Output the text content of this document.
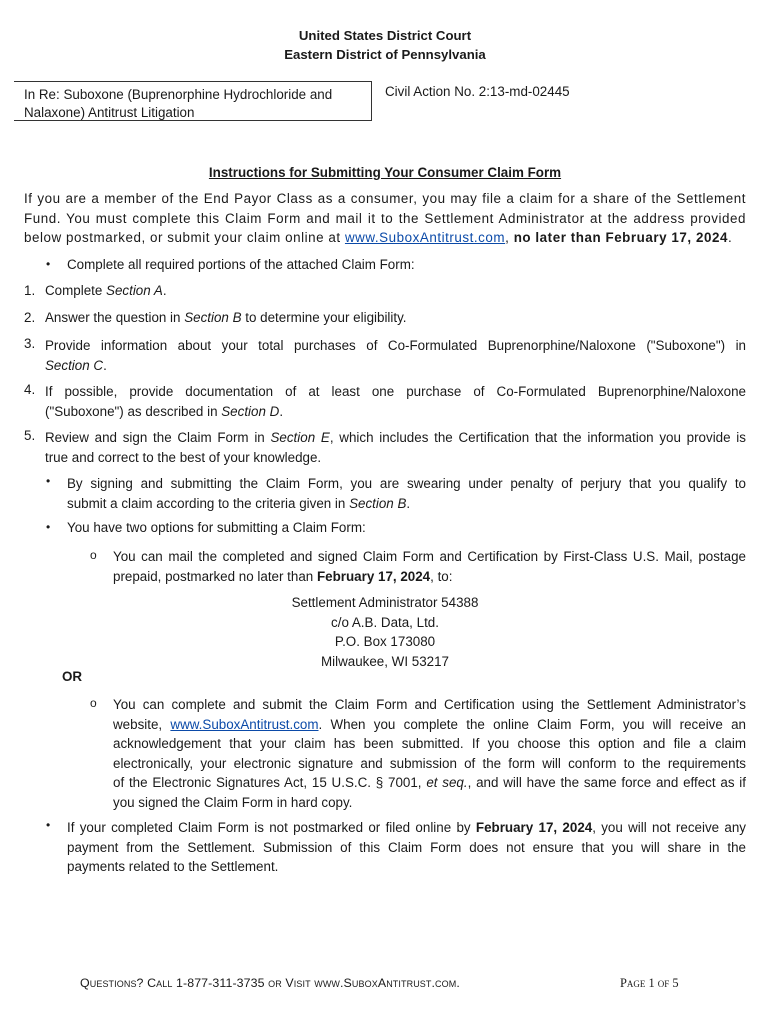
United States District Court
Eastern District of Pennsylvania
In Re: Suboxone (Buprenorphine Hydrochloride and
Nalaxone) Antitrust Litigation
Civil Action No. 2:13-md-02445
Instructions for Submitting Your Consumer Claim Form
If you are a member of the End Payor Class as a consumer, you may file a claim for a share of the Settlement Fund. You must complete this Claim Form and mail it to the Settlement Administrator at the address provided below postmarked, or submit your claim online at www.SuboxAntitrust.com, no later than February 17, 2024.
• Complete all required portions of the attached Claim Form:
1. Complete Section A.
2. Answer the question in Section B to determine your eligibility.
3. Provide information about your total purchases of Co-Formulated Buprenorphine/Naloxone ("Suboxone") in
Section C.
4. If possible, provide documentation of at least one purchase of Co-Formulated Buprenorphine/Naloxone
("Suboxone") as described in Section D.
5. Review and sign the Claim Form in Section E, which includes the Certification that the information you provide is
true and correct to the best of your knowledge.
• By signing and submitting the Claim Form, you are swearing under penalty of perjury that you qualify to
submit a claim according to the criteria given in Section B.
• You have two options for submitting a Claim Form:
o You can mail the completed and signed Claim Form and Certification by First-Class U.S. Mail, postage
prepaid, postmarked no later than February 17, 2024, to:
Settlement Administrator 54388
c/o A.B. Data, Ltd.
P.O. Box 173080
Milwaukee, WI 53217
OR
o You can complete and submit the Claim Form and Certification using the Settlement Administrator’s
website, www.SuboxAntitrust.com. When you complete the online Claim Form, you will receive an
acknowledgement that your claim has been submitted. If you choose this option and file a claim
electronically, your electronic signature and submission of the form will conform to the requirements
of the Electronic Signatures Act, 15 U.S.C. § 7001, et seq., and will have the same force and effect as if
you signed the Claim Form in hard copy.
• If your completed Claim Form is not postmarked or filed online by February 17, 2024, you will not receive any
payment from the Settlement. Submission of this Claim Form does not ensure that you will share in the
payments related to the Settlement.
Questions? Call 1-877-311-3735 or Visit www.SuboxAntitrust.com.	Page 1 of 5
